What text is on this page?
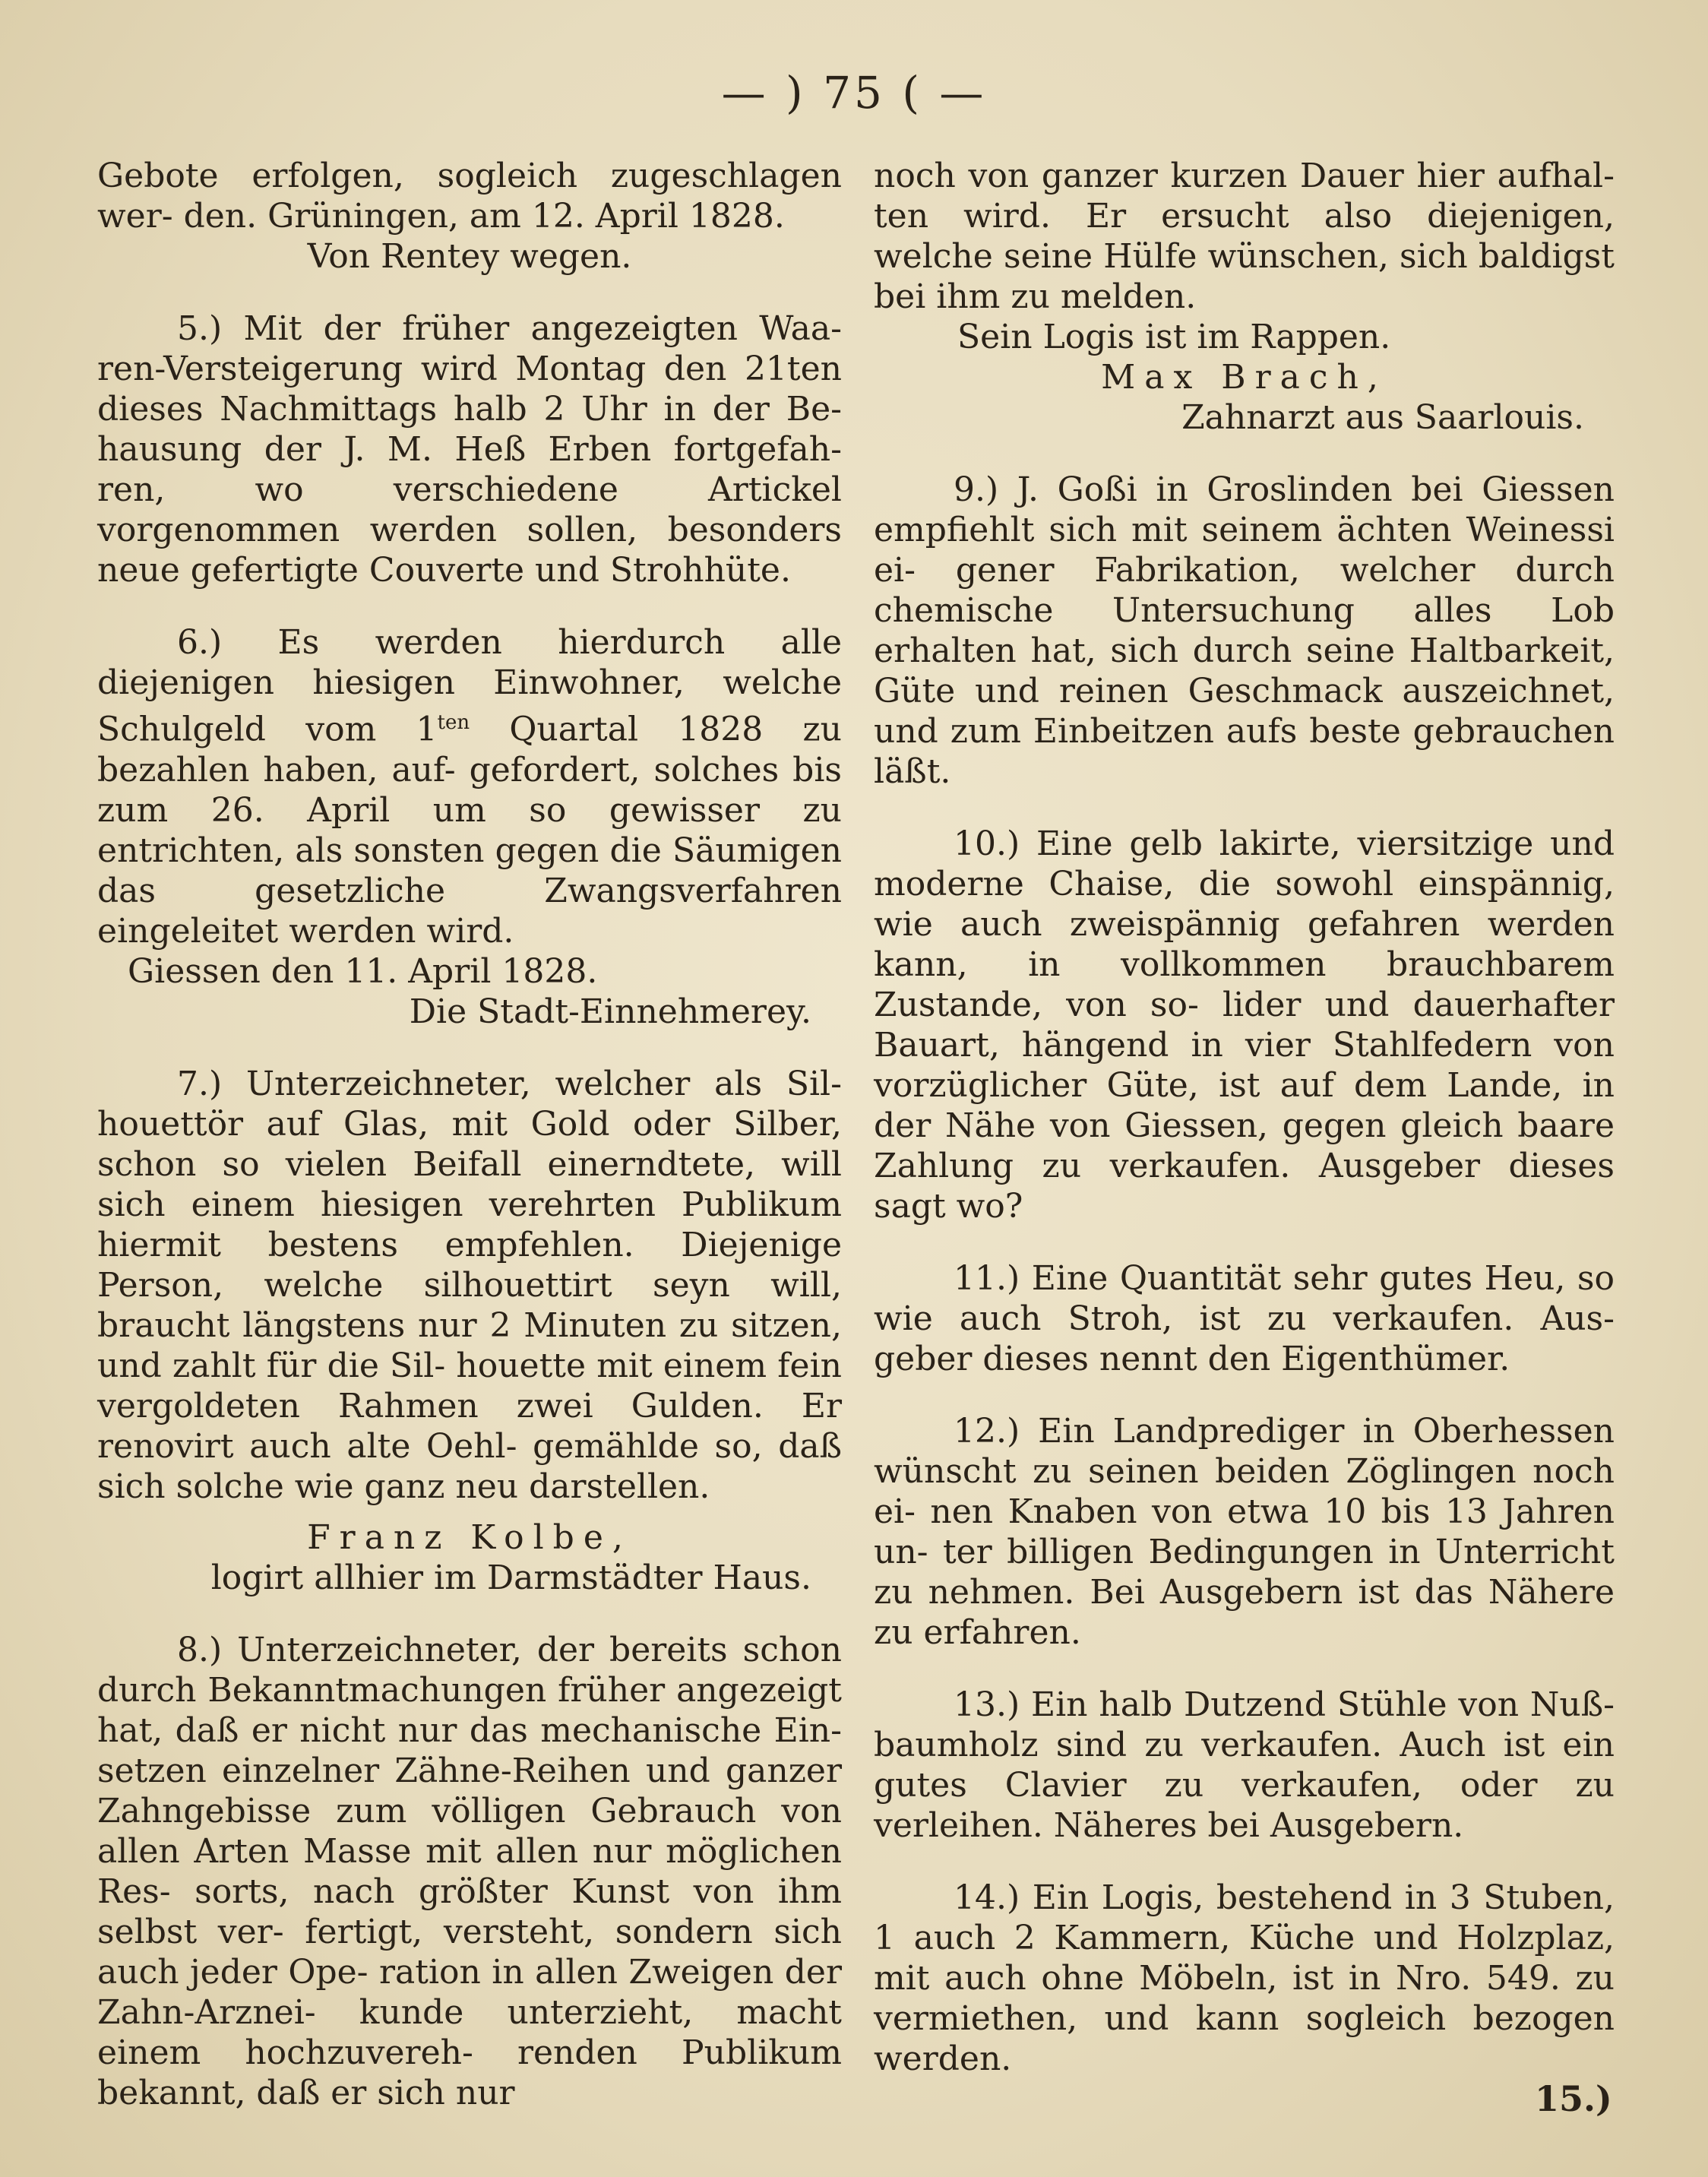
— ) 75 ( —

Gebote erfolgen, sogleich zugeschlagen wer- den. Grüningen, am 12. April 1828.

Von Rentey wegen.

5.) Mit der früher angezeigten Waa- ren-Versteigerung wird Montag den 21ten dieses Nachmittags halb 2 Uhr in der Be- hausung der J. M. Heß Erben fortgefah- ren, wo verschiedene Artickel vorgenommen werden sollen, besonders neue gefertigte Couverte und Strohhüte.

6.) Es werden hierdurch alle diejenigen hiesigen Einwohner, welche Schulgeld vom $1^{ten}$ Quartal 1828 zu bezahlen haben, auf- gefordert, solches bis zum 26. April um so gewisser zu entrichten, als sonsten gegen die Säumigen das gesetzliche Zwangsverfahren eingeleitet werden wird.

Giessen den 11. April 1828.

Die Stadt-Einnehmerey.

7.) Unterzeichneter, welcher als Sil- houettör auf Glas, mit Gold oder Silber, schon so vielen Beifall einerndtete, will sich einem hiesigen verehrten Publikum hiermit bestens empfehlen. Diejenige Person, welche silhouettirt seyn will, braucht längstens nur 2 Minuten zu sitzen, und zahlt für die Sil- houette mit einem fein vergoldeten Rahmen zwei Gulden. Er renovirt auch alte Oehl- gemählde so, daß sich solche wie ganz neu darstellen.

Franz Kolbe,

logirt allhier im Darmstädter Haus.

8.) Unterzeichneter, der bereits schon durch Bekanntmachungen früher angezeigt hat, daß er nicht nur das mechanische Ein- setzen einzelner Zähne-Reihen und ganzer Zahngebisse zum völligen Gebrauch von allen Arten Masse mit allen nur möglichen Res- sorts, nach größter Kunst von ihm selbst ver- fertigt, versteht, sondern sich auch jeder Ope- ration in allen Zweigen der Zahn-Arznei- kunde unterzieht, macht einem hochzuvereh- renden Publikum bekannt, daß er sich nur

noch von ganzer kurzen Dauer hier aufhal- ten wird. Er ersucht also diejenigen, welche seine Hülfe wünschen, sich baldigst bei ihm zu melden.

Sein Logis ist im Rappen.

Max Brach,

Zahnarzt aus Saarlouis.

9.) J. Goßi in Groslinden bei Giessen empfiehlt sich mit seinem ächten Weinessi ei- gener Fabrikation, welcher durch chemische Untersuchung alles Lob erhalten hat, sich durch seine Haltbarkeit, Güte und reinen Geschmack auszeichnet, und zum Einbeitzen aufs beste gebrauchen läßt.

10.) Eine gelb lakirte, viersitzige und moderne Chaise, die sowohl einspännig, wie auch zweispännig gefahren werden kann, in vollkommen brauchbarem Zustande, von so- lider und dauerhafter Bauart, hängend in vier Stahlfedern von vorzüglicher Güte, ist auf dem Lande, in der Nähe von Giessen, gegen gleich baare Zahlung zu verkaufen. Ausgeber dieses sagt wo?

11.) Eine Quantität sehr gutes Heu, so wie auch Stroh, ist zu verkaufen. Aus- geber dieses nennt den Eigenthümer.

12.) Ein Landprediger in Oberhessen wünscht zu seinen beiden Zöglingen noch ei- nen Knaben von etwa 10 bis 13 Jahren un- ter billigen Bedingungen in Unterricht zu nehmen. Bei Ausgebern ist das Nähere zu erfahren.

13.) Ein halb Dutzend Stühle von Nuß- baumholz sind zu verkaufen. Auch ist ein gutes Clavier zu verkaufen, oder zu verleihen. Näheres bei Ausgebern.

14.) Ein Logis, bestehend in 3 Stuben, 1 auch 2 Kammern, Küche und Holzplaz, mit auch ohne Möbeln, ist in Nro. 549. zu vermiethen, und kann sogleich bezogen werden.

15.)
